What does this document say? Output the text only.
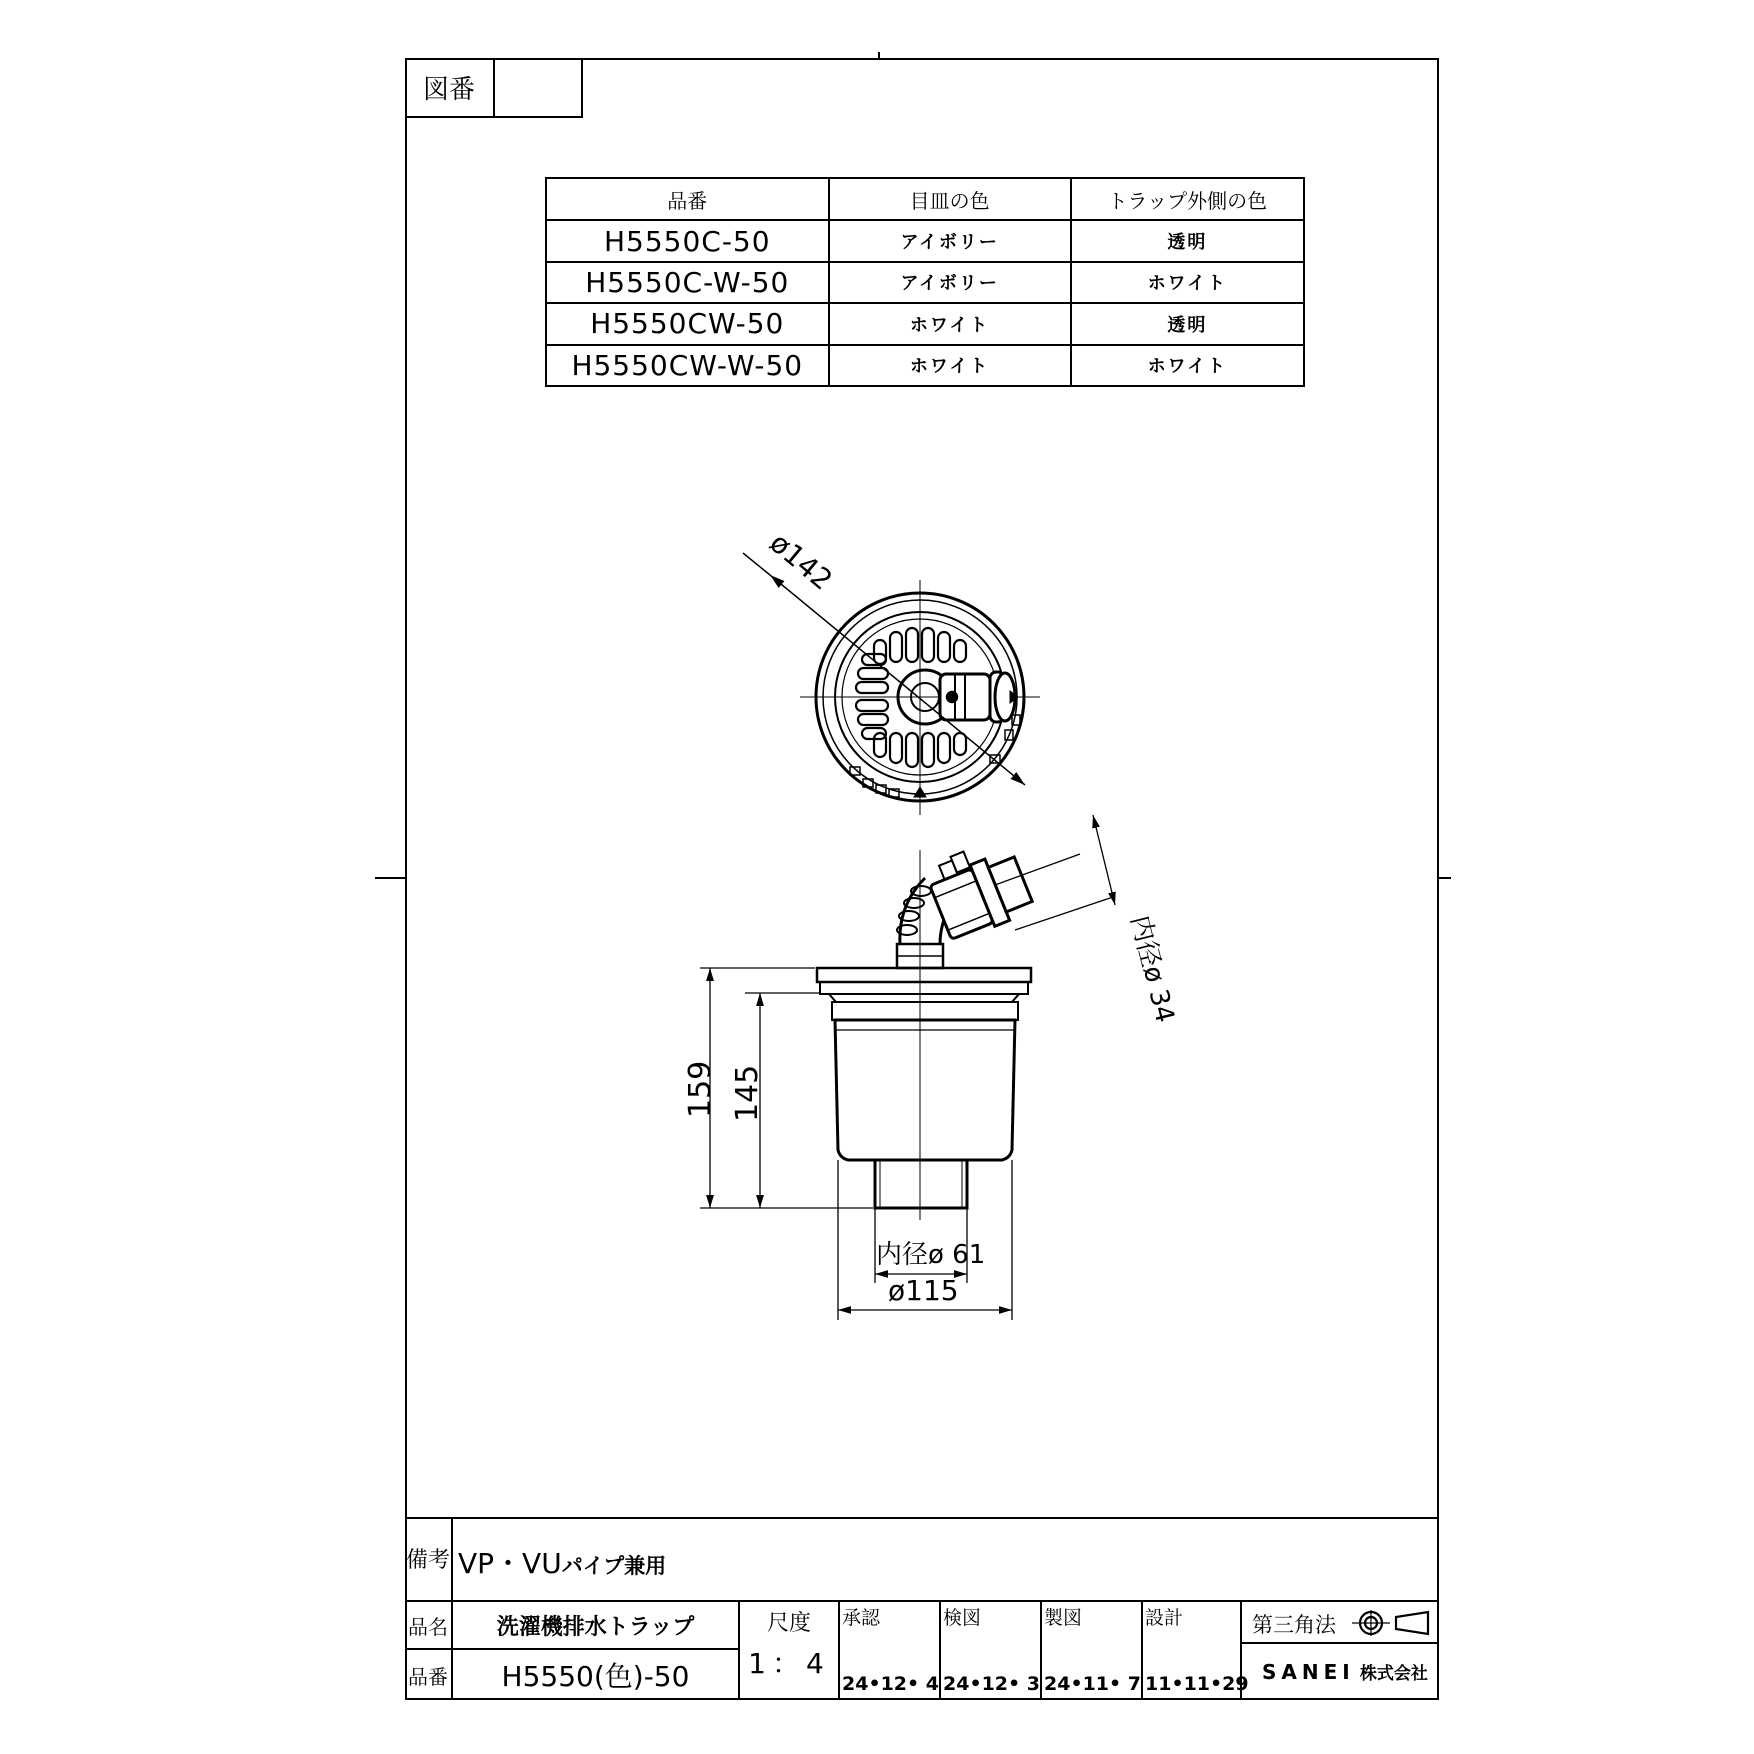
図番
品番	目皿の色	トラップ外側の色
H5550C-50	アイボリー	透明
H5550C-W-50	アイボリー	ホワイト
H5550CW-50	ホワイト	透明
H5550CW-W-50	ホワイト	ホワイト
ø142
内径ø 34
159 145
内径ø 61
ø115
備考 VP・VUパイプ兼用
品名	洗濯機排水トラップ
品番	H5550(色)-50
尺度
1：4
承認
24•12• 4
検図
24•12• 3
製図
24•11• 7
設計
11•11•29
第三角法
SANEI 株式会社
